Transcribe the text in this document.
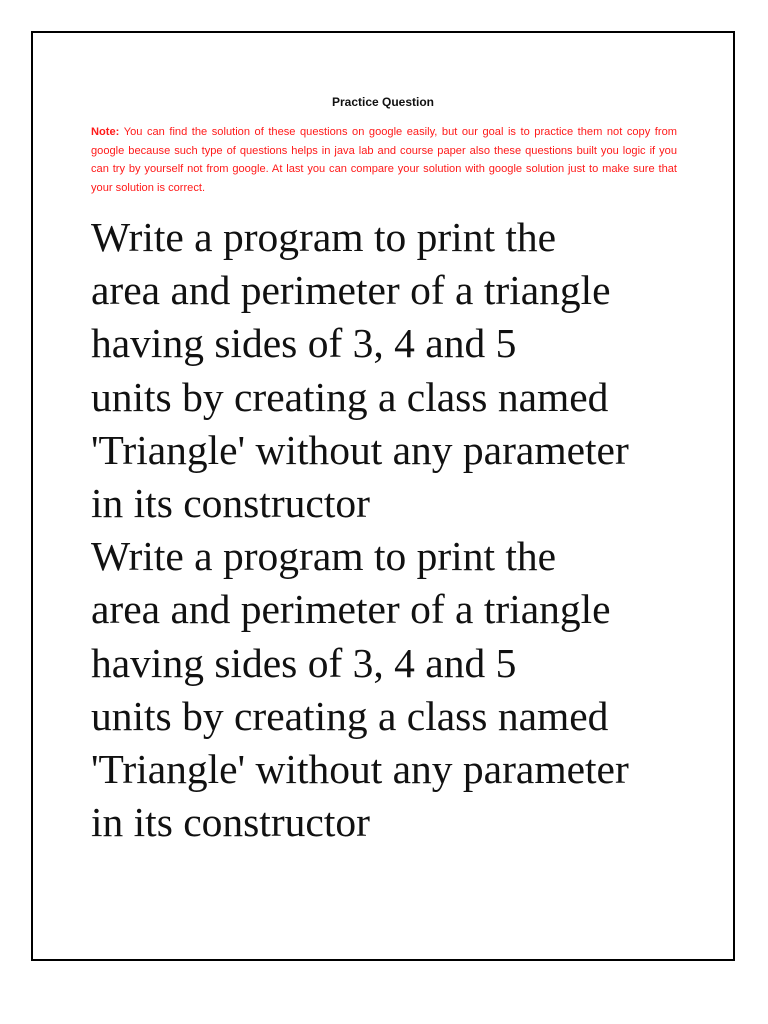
Practice Question
Note: You can find the solution of these questions on google easily, but our goal is to practice them not copy from google because such type of questions helps in java lab and course paper also these questions built you logic if you can try by yourself not from google. At last you can compare your solution with google solution just to make sure that your solution is correct.
Write a program to print the
area and perimeter of a triangle
having sides of 3, 4 and 5
units by creating a class named
'Triangle' without any parameter
in its constructor
Write a program to print the
area and perimeter of a triangle
having sides of 3, 4 and 5
units by creating a class named
'Triangle' without any parameter
in its constructor
